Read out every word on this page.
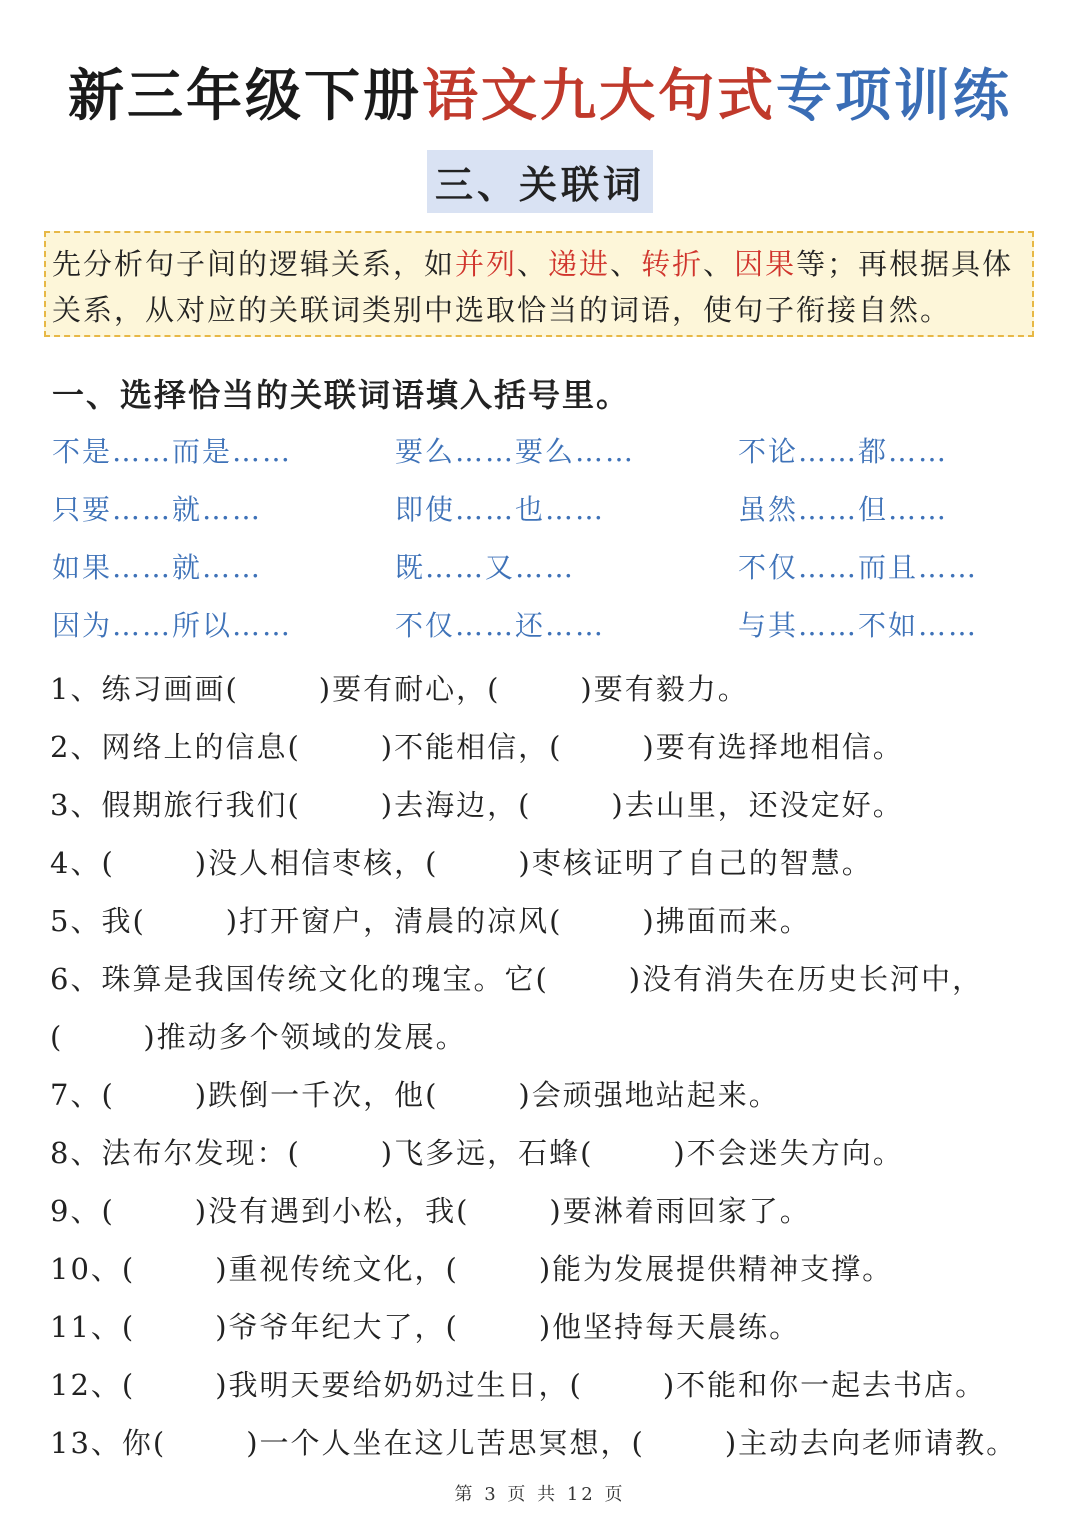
新三年级下册语文九大句式专项训练
三、关联词
先分析句子间的逻辑关系，如并列、递进、转折、因果等；再根据具体关系，从对应的关联词类别中选取恰当的词语，使句子衔接自然。
一、选择恰当的关联词语填入括号里。
不是……而是……	要么……要么……	不论……都……
只要……就……	即使……也……	虽然……但……
如果……就……	既……又……	不仅……而且……
因为……所以……	不仅……还……	与其……不如……
1、练习画画(	)要有耐心，(	)要有毅力。
2、网络上的信息(	)不能相信，(	)要有选择地相信。
3、假期旅行我们(	)去海边，(	)去山里，还没定好。
4、(	)没人相信枣核，(	)枣核证明了自己的智慧。
5、我(	)打开窗户，清晨的凉风(	)拂面而来。
6、珠算是我国传统文化的瑰宝。它(	)没有消失在历史长河中，
(	)推动多个领域的发展。
7、(	)跌倒一千次，他(	)会顽强地站起来。
8、法布尔发现：(	)飞多远，石蜂(	)不会迷失方向。
9、(	)没有遇到小松，我(	)要淋着雨回家了。
10、(	)重视传统文化，(	)能为发展提供精神支撑。
11、(	)爷爷年纪大了，(	)他坚持每天晨练。
12、(	)我明天要给奶奶过生日，(	)不能和你一起去书店。
13、你(	)一个人坐在这儿苦思冥想，(	)主动去向老师请教。
第 3 页 共 12 页
